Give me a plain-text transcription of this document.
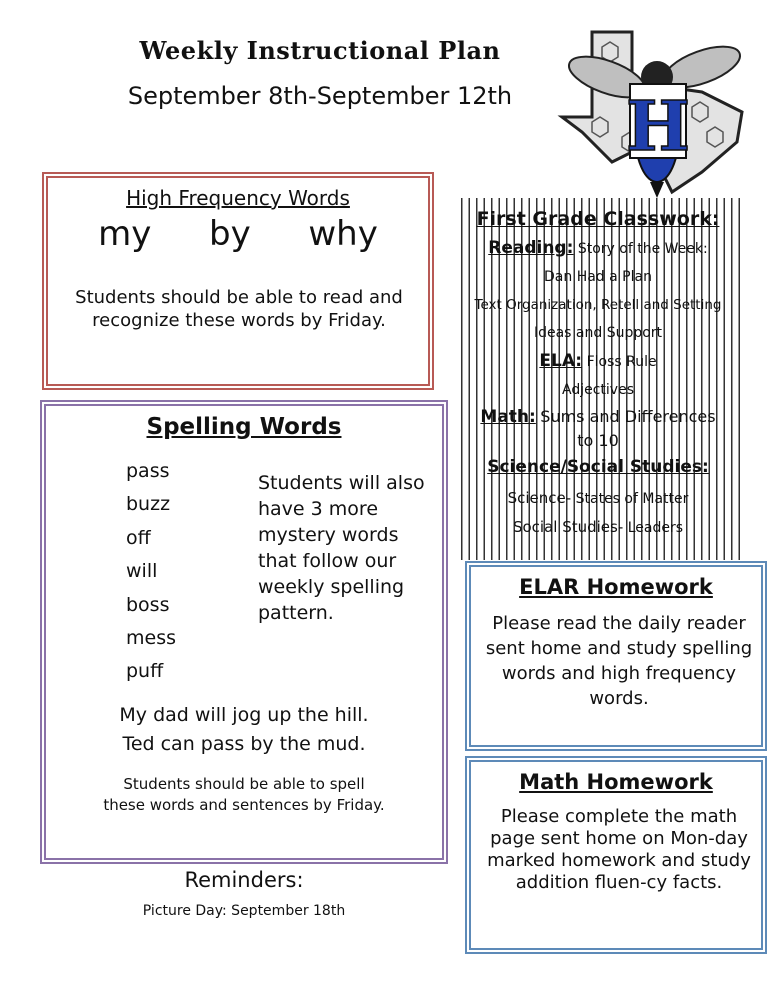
Weekly Instructional Plan
September 8th-September 12th	H
High Frequency Words
my  by  why
Students should be able to read and
recognize these words by Friday.
Spelling Words
pass
buzz
off
will
boss
mess
puff
Students will also have 3 more mystery words that follow our weekly spelling pattern.
My dad will jog up the hill.
Ted can pass by the mud.
Students should be able to spell
these words and sentences by Friday.
Reminders:
Picture Day: September 18th

First Grade Classwork:

Reading: Story of the Week:

Dan Had a Plan

Text Organization, Retell and Setting

Ideas and Support

ELA: Floss Rule

Adjectives

Math: Sums and Differences

to 10

Science/Social Studies:

Science- States of Matter

Social Studies- Leaders

ELAR Homework
Please read the daily reader sent home and study spelling words and high frequency words.
Math Homework
Please complete the math page sent home on Mon-day marked homework and study addition fluen-cy facts.
